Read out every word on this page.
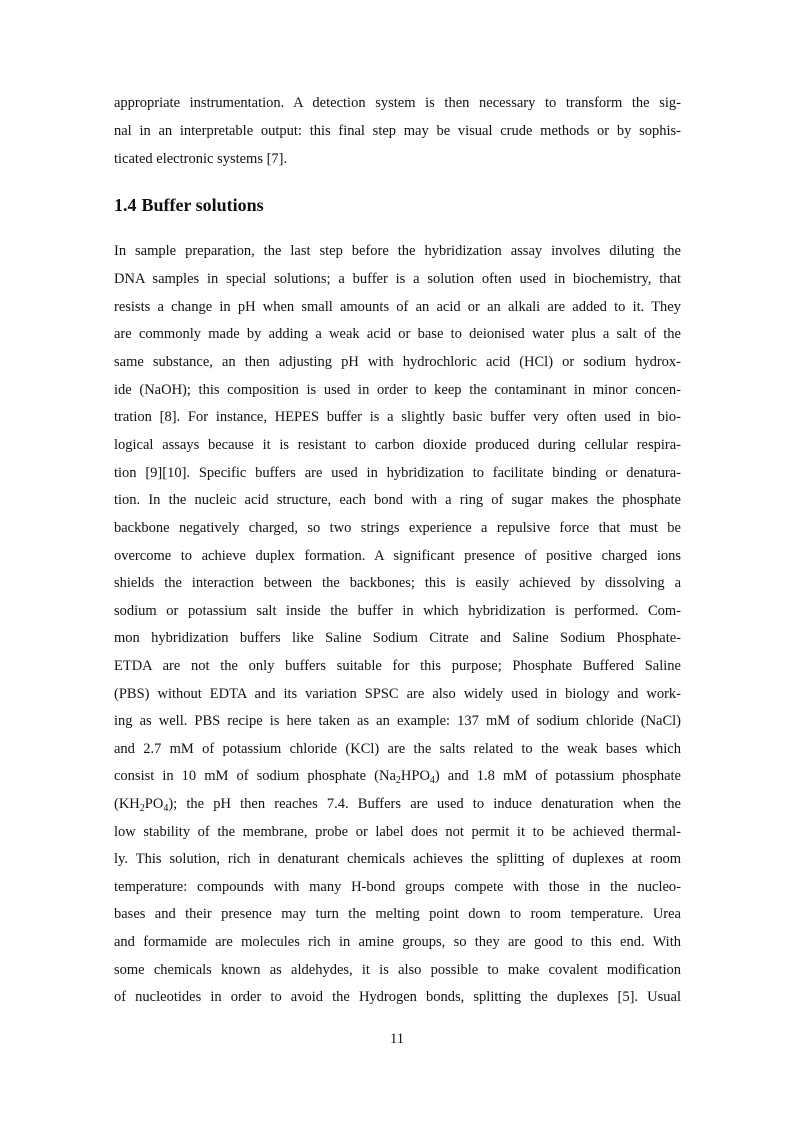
appropriate instrumentation. A detection system is then necessary to transform the sig-
nal in an interpretable output: this final step may be visual crude methods or by sophis-
ticated electronic systems [7].
1.4 Buffer solutions
In sample preparation, the last step before the hybridization assay involves diluting the
DNA samples in special solutions; a buffer is a solution often used in biochemistry, that
resists a change in pH when small amounts of an acid or an alkali are added to it. They
are commonly made by adding a weak acid or base to deionised water plus a salt of the
same substance, an then adjusting pH with hydrochloric acid (HCl) or sodium hydrox-
ide (NaOH); this composition is used in order to keep the contaminant in minor concen-
tration [8]. For instance, HEPES buffer is a slightly basic buffer very often used in bio-
logical assays because it is resistant to carbon dioxide produced during cellular respira-
tion [9][10]. Specific buffers are used in hybridization to facilitate binding or denatura-
tion. In the nucleic acid structure, each bond with a ring of sugar makes the phosphate
backbone negatively charged, so two strings experience a repulsive force that must be
overcome to achieve duplex formation. A significant presence of positive charged ions
shields the interaction between the backbones; this is easily achieved by dissolving a
sodium or potassium salt inside the buffer in which hybridization is performed. Com-
mon hybridization buffers like Saline Sodium Citrate and Saline Sodium Phosphate-
ETDA are not the only buffers suitable for this purpose; Phosphate Buffered Saline
(PBS) without EDTA and its variation SPSC are also widely used in biology and work-
ing as well. PBS recipe is here taken as an example: 137 mM of sodium chloride (NaCl)
and 2.7 mM of potassium chloride (KCl) are the salts related to the weak bases which
consist in 10 mM of sodium phosphate $(Na_2HPO_4)$ and 1.8 mM of potassium phosphate
$(KH_2PO_4)$; the pH then reaches 7.4. Buffers are used to induce denaturation when the
low stability of the membrane, probe or label does not permit it to be achieved thermal-
ly. This solution, rich in denaturant chemicals achieves the splitting of duplexes at room
temperature: compounds with many H-bond groups compete with those in the nucleo-
bases and their presence may turn the melting point down to room temperature. Urea
and formamide are molecules rich in amine groups, so they are good to this end. With
some chemicals known as aldehydes, it is also possible to make covalent modification
of nucleotides in order to avoid the Hydrogen bonds, splitting the duplexes [5]. Usual
11
